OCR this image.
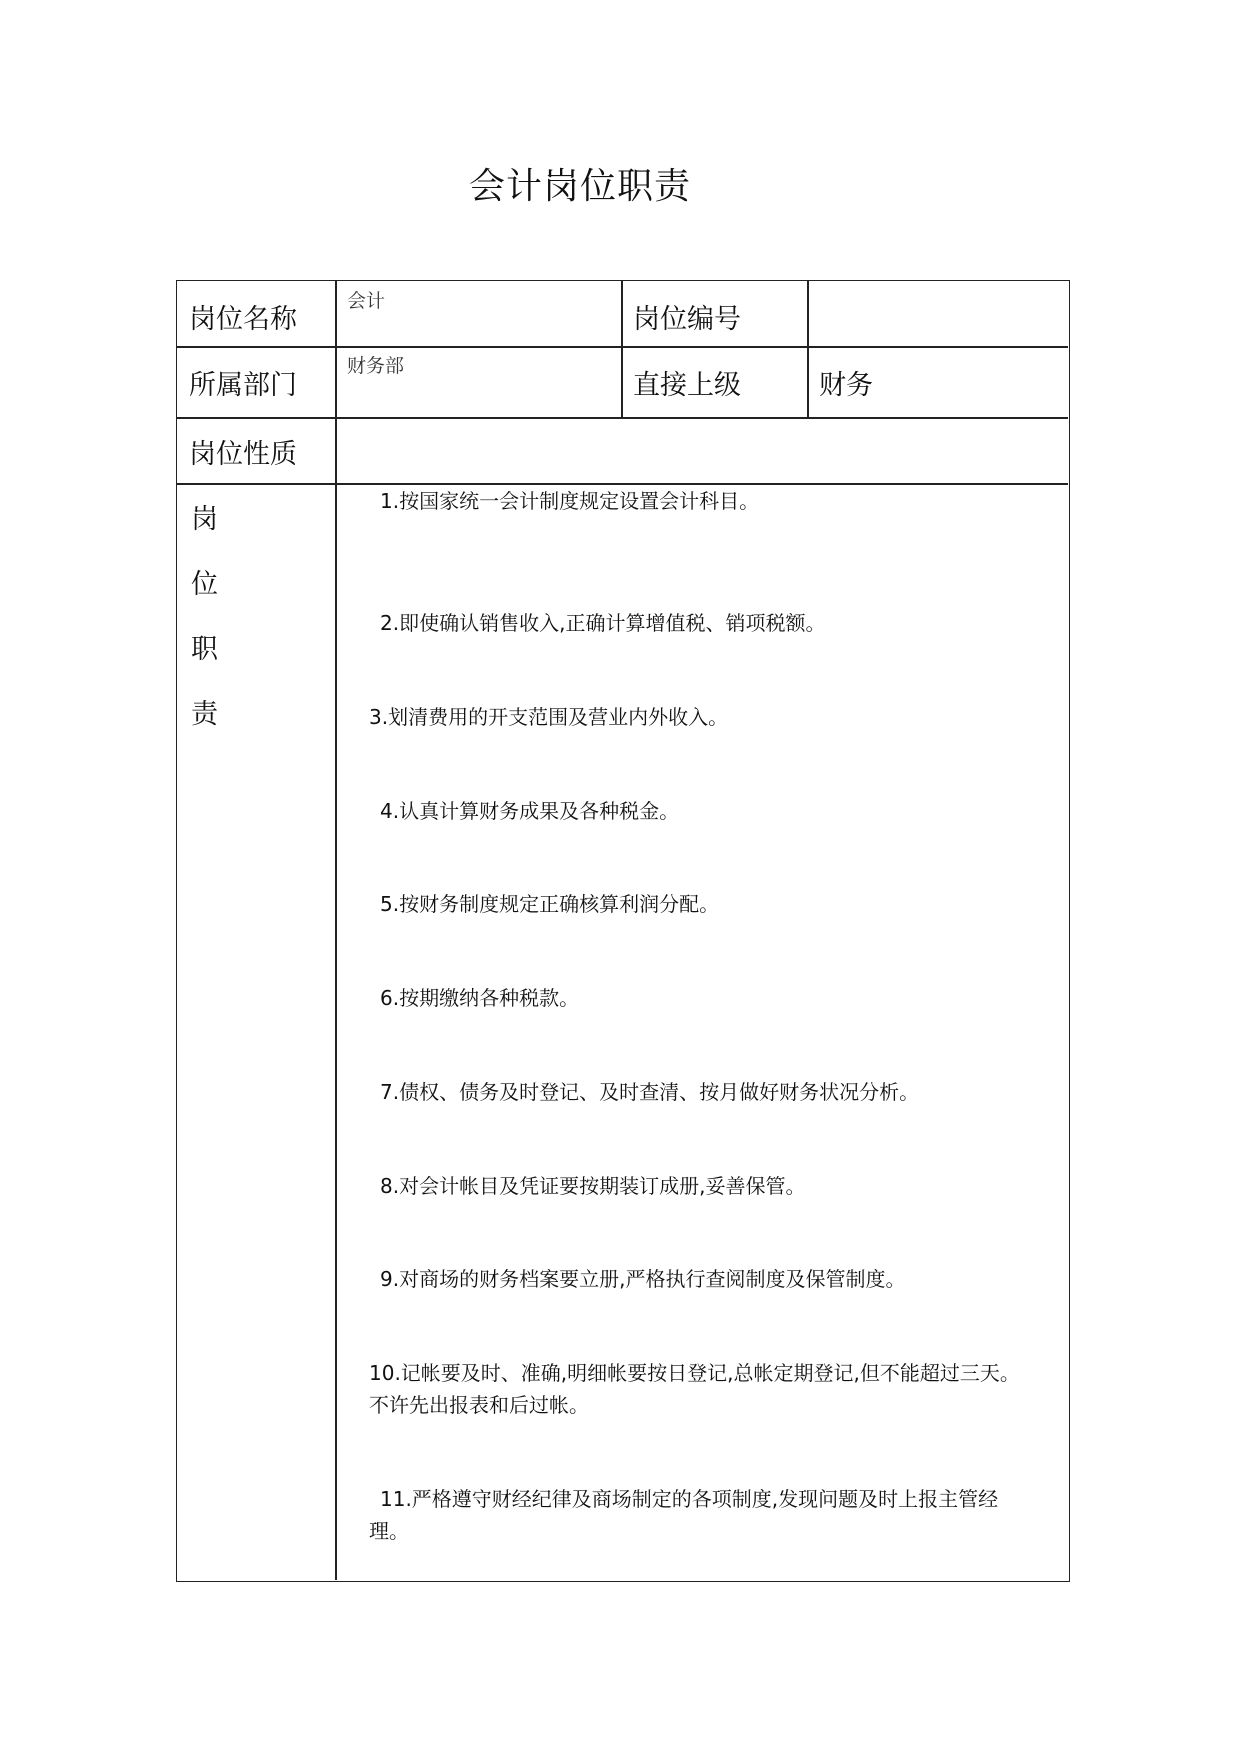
会计岗位职责
岗位名称
会计
岗位编号
所属部门
财务部
直接上级	财务
岗位性质
岗
位
职
责
1.按国家统一会计制度规定设置会计科目。
2.即使确认销售收入,正确计算增值税、销项税额。
3.划清费用的开支范围及营业内外收入。
4.认真计算财务成果及各种税金。
5.按财务制度规定正确核算利润分配。
6.按期缴纳各种税款。
7.债权、债务及时登记、及时查清、按月做好财务状况分析。
8.对会计帐目及凭证要按期装订成册,妥善保管。
9.对商场的财务档案要立册,严格执行查阅制度及保管制度。
10.记帐要及时、准确,明细帐要按日登记,总帐定期登记,但不能超过三天。
不许先出报表和后过帐。
11.严格遵守财经纪律及商场制定的各项制度,发现问题及时上报主管经
理。
